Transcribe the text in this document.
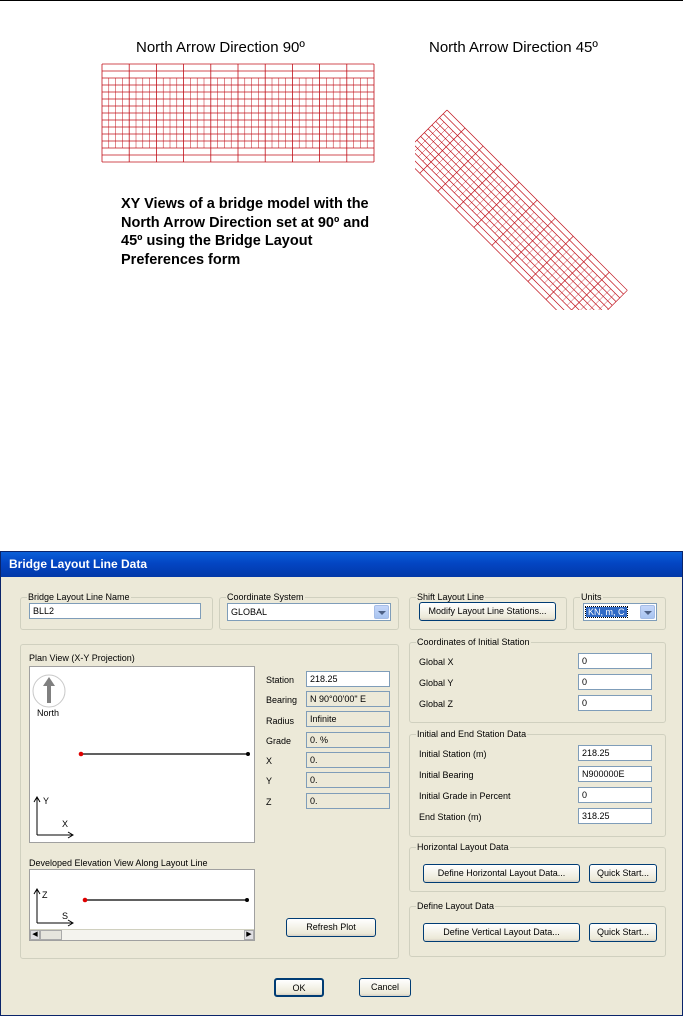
North Arrow Direction 90º	North Arrow Direction 45º
XY Views of a bridge model with the North Arrow Direction set at 90º and 45º using the Bridge Layout Preferences form
Bridge Layout Line Data
Bridge Layout Line Name
BLL2
Coordinate System
GLOBAL
Shift Layout Line
Modify Layout Line Stations...
Units
KN, m, C
Plan View (X-Y Projection)
North
Y
X
Station	218.25
Bearing	N 90°00'00" E
Radius	Infinite
Grade	0. %
X	0.
Y	0.
Z	0.
Developed Elevation View Along Layout Line
Z
S
◀	▶
Refresh Plot
Coordinates of Initial Station
Global X	0
Global Y	0
Global Z	0
Initial and End Station Data
Initial Station (m)	218.25
Initial Bearing	N900000E
Initial Grade in Percent	0
End Station (m)	318.25
Horizontal Layout Data
Define Horizontal Layout Data...	Quick Start...
Define Layout Data
Define Vertical Layout Data...	Quick Start...
OK	Cancel
